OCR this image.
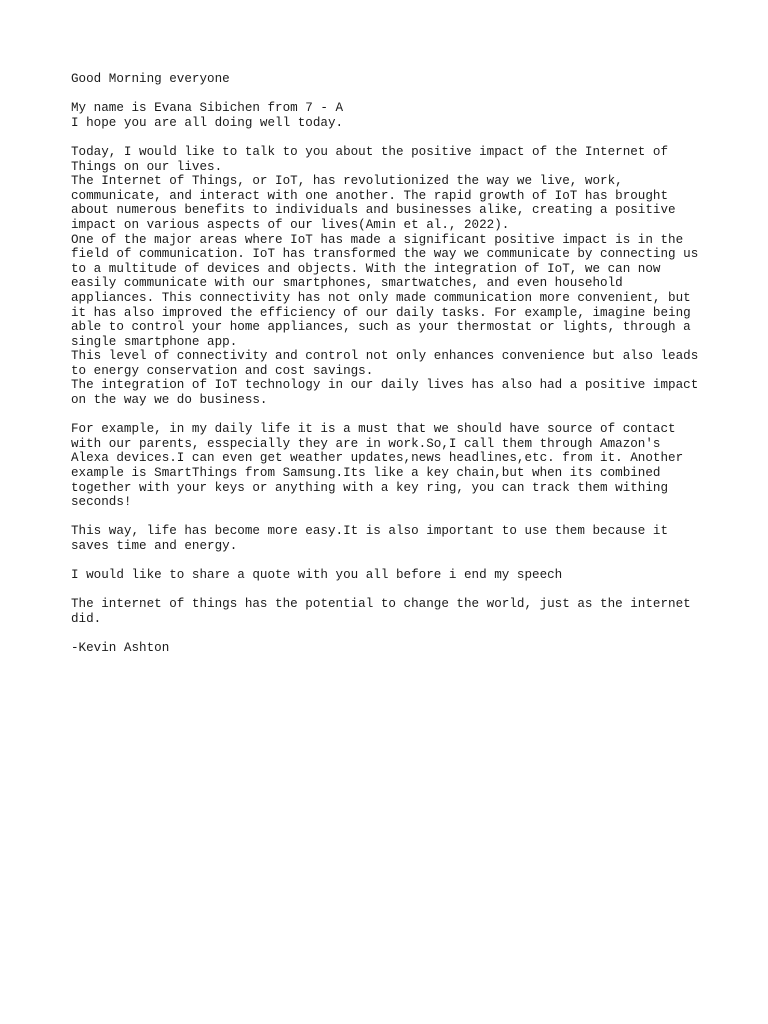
Good Morning everyone
My name is Evana Sibichen from 7 - A
I hope you are all doing well today.
Today, I would like to talk to you about the positive impact of the Internet of
Things on our lives.
The Internet of Things, or IoT, has revolutionized the way we live, work,
communicate, and interact with one another. The rapid growth of IoT has brought
about numerous benefits to individuals and businesses alike, creating a positive
impact on various aspects of our lives(Amin et al., 2022).
One of the major areas where IoT has made a significant positive impact is in the
field of communication. IoT has transformed the way we communicate by connecting us
to a multitude of devices and objects. With the integration of IoT, we can now
easily communicate with our smartphones, smartwatches, and even household
appliances. This connectivity has not only made communication more convenient, but
it has also improved the efficiency of our daily tasks. For example, imagine being
able to control your home appliances, such as your thermostat or lights, through a
single smartphone app.
This level of connectivity and control not only enhances convenience but also leads
to energy conservation and cost savings.
The integration of IoT technology in our daily lives has also had a positive impact
on the way we do business.
For example, in my daily life it is a must that we should have source of contact
with our parents, esspecially they are in work.So,I call them through Amazon's
Alexa devices.I can even get weather updates,news headlines,etc. from it. Another
example is SmartThings from Samsung.Its like a key chain,but when its combined
together with your keys or anything with a key ring, you can track them withing
seconds!
This way, life has become more easy.It is also important to use them because it
saves time and energy.
I would like to share a quote with you all before i end my speech
The internet of things has the potential to change the world, just as the internet
did.
-Kevin Ashton
